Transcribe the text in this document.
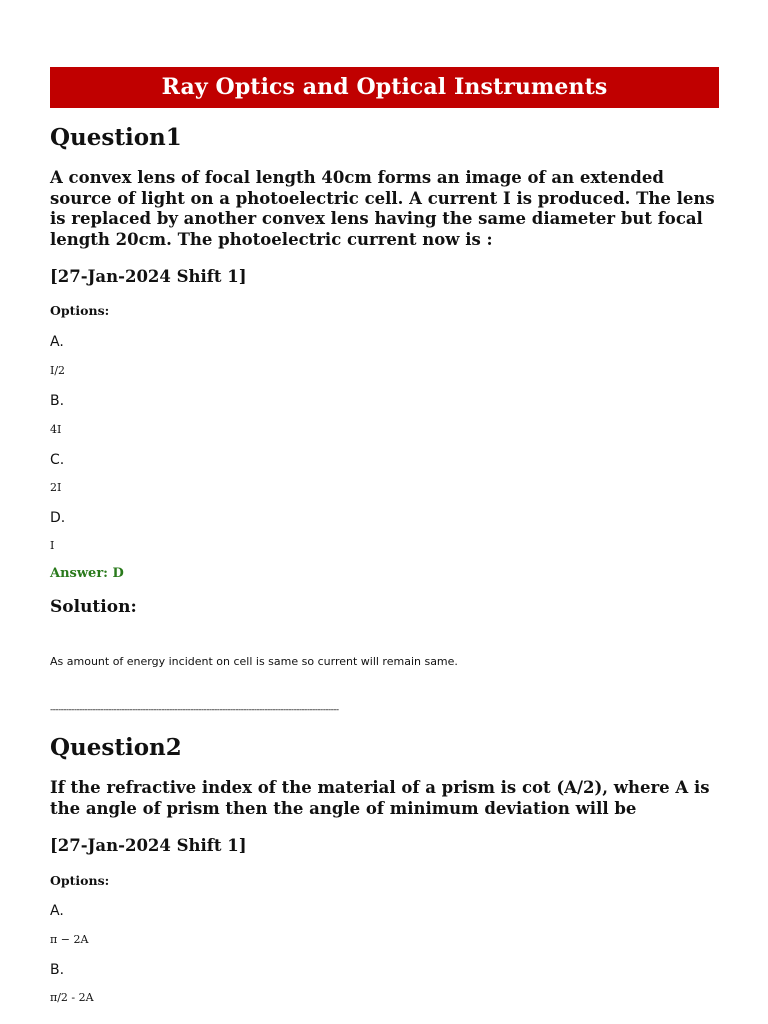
Ray Optics and Optical Instruments
Question1

A convex lens of focal length 40cm forms an image of an extended source of light on a photoelectric cell. A current I is produced. The lens is replaced by another convex lens having the same diameter but focal length 20cm. The photoelectric current now is :

[27-Jan-2024 Shift 1]

Options:

A.

I/2

B.

4I

C.

2I

D.

I

Answer: D

Solution:

As amount of energy incident on cell is same so current will remain same.

-------------------------------------------------------------------------------------------------------------

Question2

If the refractive index of the material of a prism is cot (A/2), where A is the angle of prism then the angle of minimum deviation will be

[27-Jan-2024 Shift 1]

Options:

A.

π − 2A

B.

π/2 - 2A
